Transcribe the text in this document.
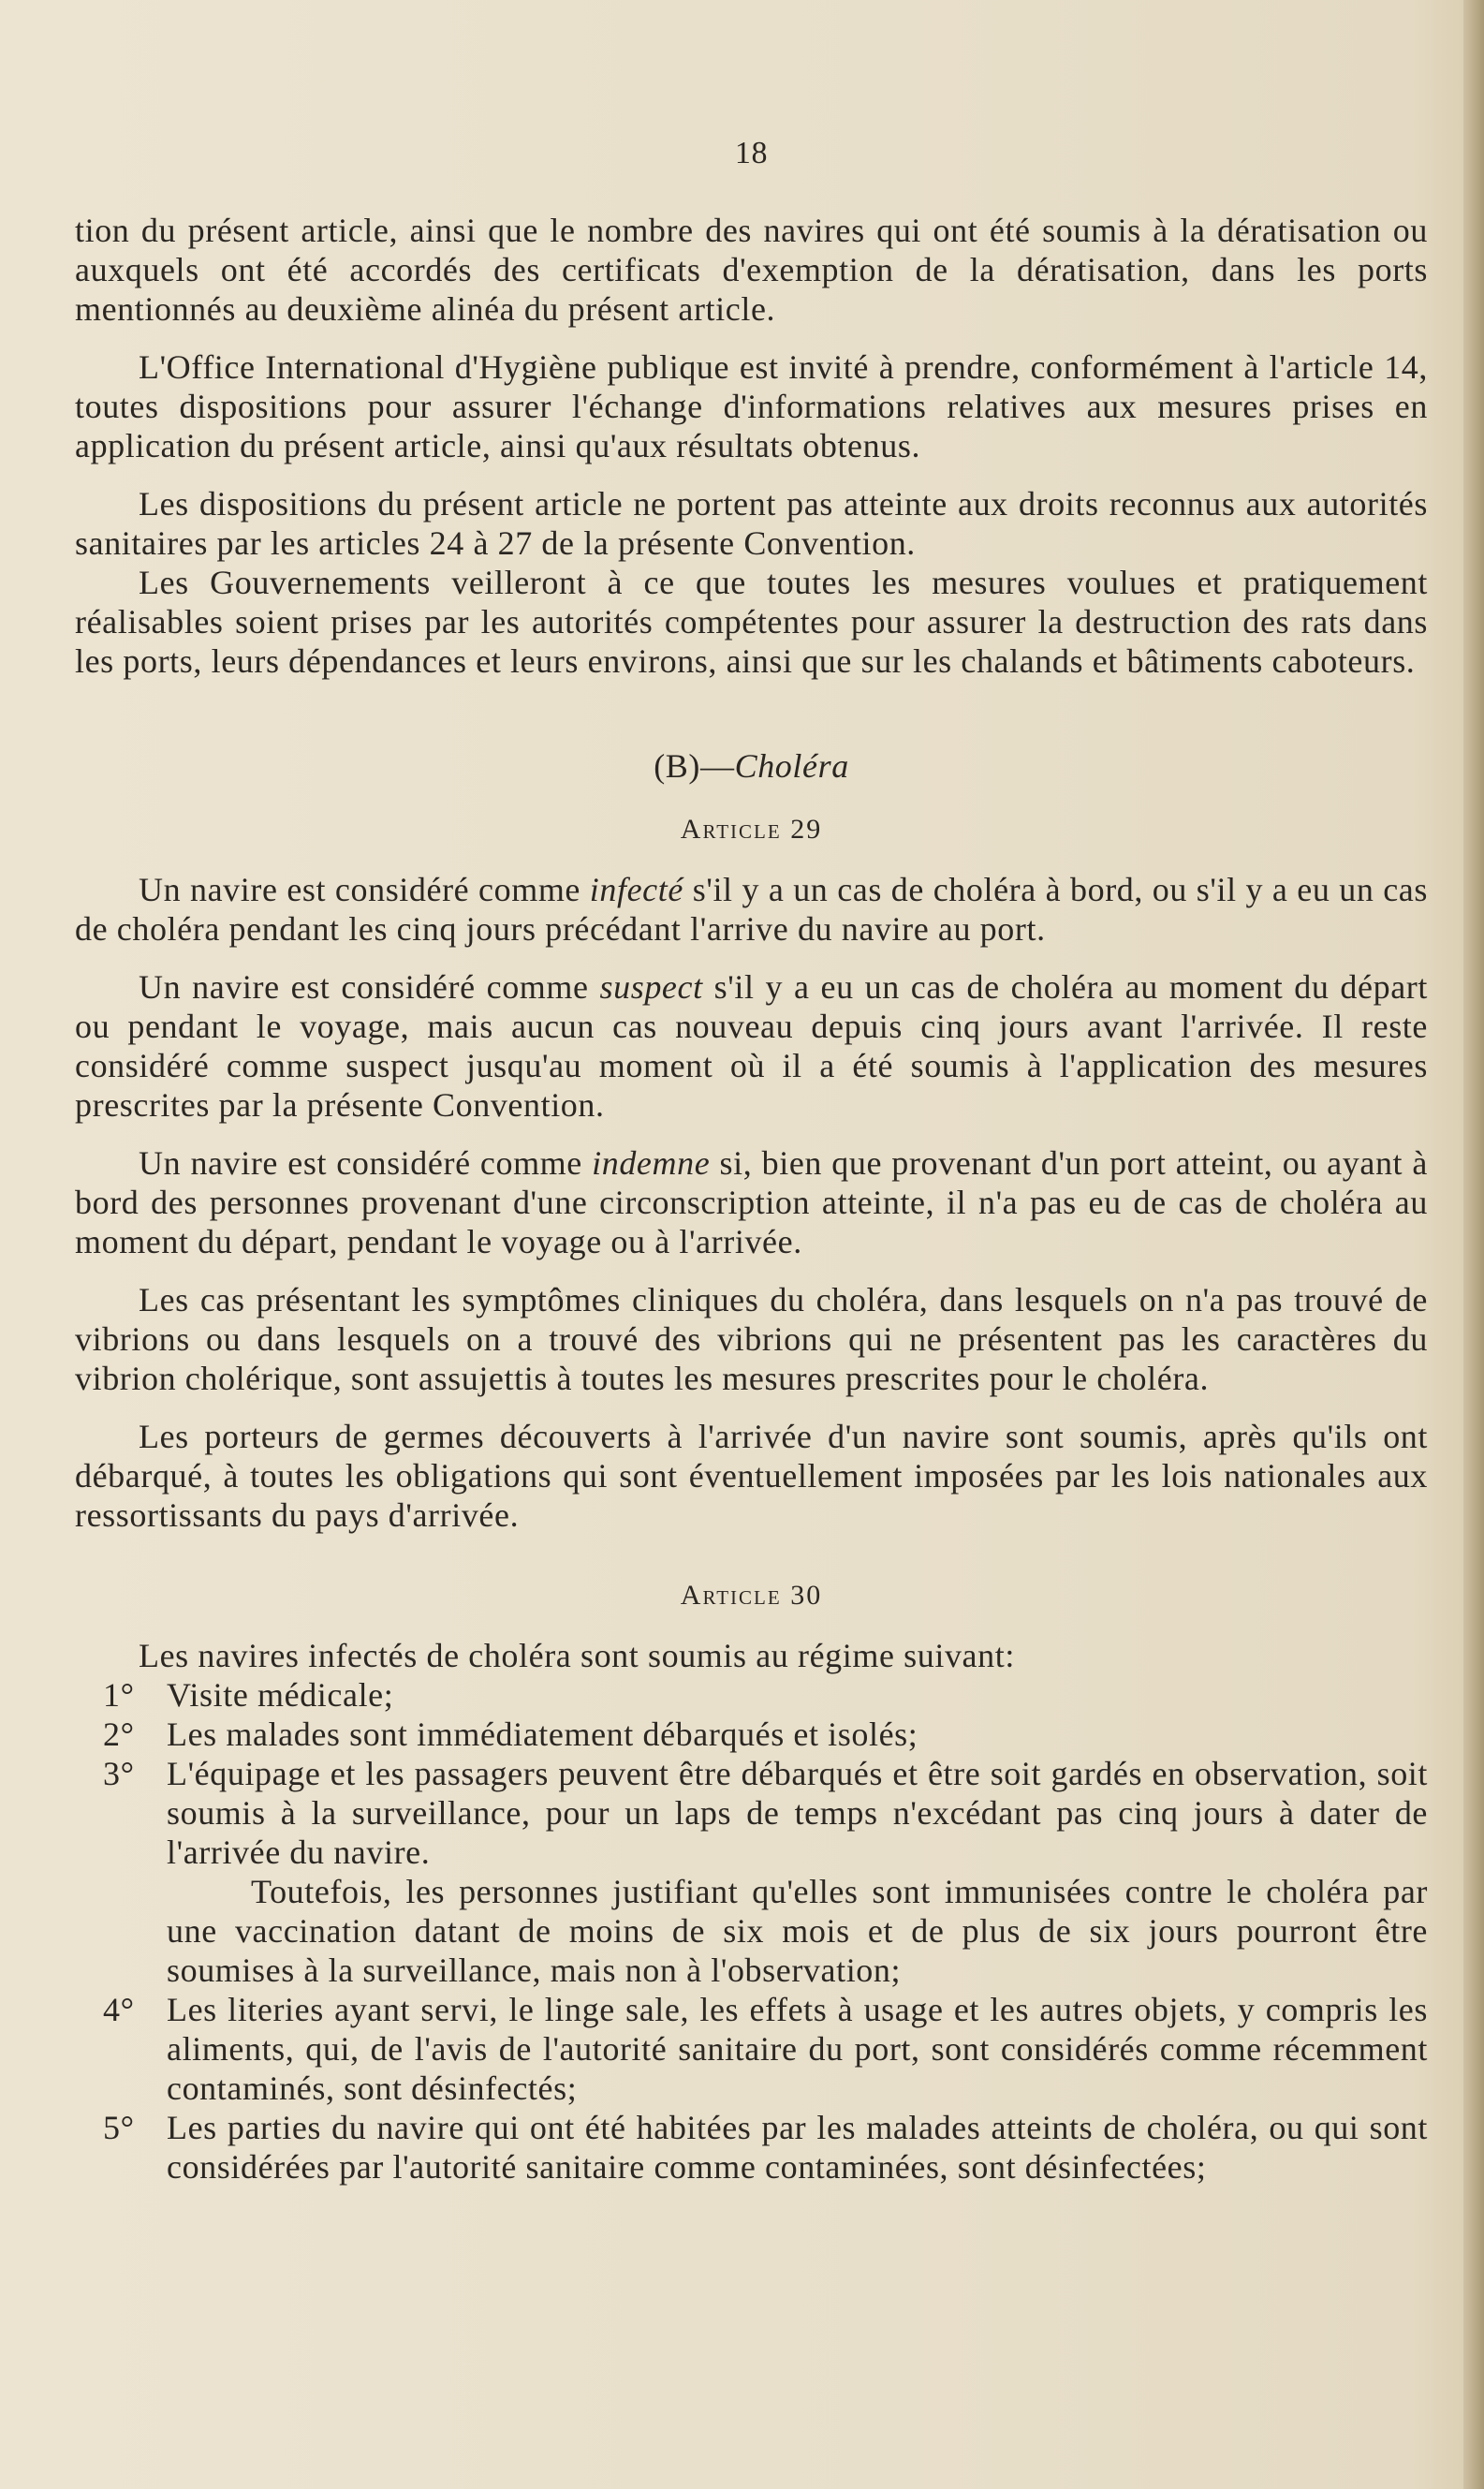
18

tion du présent article, ainsi que le nombre des navires qui ont été soumis à la dératisation ou auxquels ont été accordés des certificats d'exemption de la dératisation, dans les ports mentionnés au deuxième alinéa du présent article.

L'Office International d'Hygiène publique est invité à prendre, conformément à l'article 14, toutes dispositions pour assurer l'échange d'informations relatives aux mesures prises en application du présent article, ainsi qu'aux résultats obtenus.

Les dispositions du présent article ne portent pas atteinte aux droits reconnus aux autorités sanitaires par les articles 24 à 27 de la présente Convention.

Les Gouvernements veilleront à ce que toutes les mesures voulues et pratiquement réalisables soient prises par les autorités compétentes pour assurer la destruction des rats dans les ports, leurs dépendances et leurs environs, ainsi que sur les chalands et bâtiments caboteurs.

(B)—Choléra
Article 29

Un navire est considéré comme infecté s'il y a un cas de choléra à bord, ou s'il y a eu un cas de choléra pendant les cinq jours précédant l'arrive du navire au port.

Un navire est considéré comme suspect s'il y a eu un cas de choléra au moment du départ ou pendant le voyage, mais aucun cas nouveau depuis cinq jours avant l'arrivée. Il reste considéré comme suspect jusqu'au moment où il a été soumis à l'application des mesures prescrites par la présente Convention.

Un navire est considéré comme indemne si, bien que provenant d'un port atteint, ou ayant à bord des personnes provenant d'une circonscription atteinte, il n'a pas eu de cas de choléra au moment du départ, pendant le voyage ou à l'arrivée.

Les cas présentant les symptômes cliniques du choléra, dans lesquels on n'a pas trouvé de vibrions ou dans lesquels on a trouvé des vibrions qui ne présentent pas les caractères du vibrion cholérique, sont assujettis à toutes les mesures prescrites pour le choléra.

Les porteurs de germes découverts à l'arrivée d'un navire sont soumis, après qu'ils ont débarqué, à toutes les obligations qui sont éventuellement imposées par les lois nationales aux ressortissants du pays d'arrivée.

Article 30

Les navires infectés de choléra sont soumis au régime suivant:

1° Visite médicale;
2° Les malades sont immédiatement débarqués et isolés;
3° L'équipage et les passagers peuvent être débarqués et être soit gardés en observation, soit soumis à la surveillance, pour un laps de temps n'excédant pas cinq jours à dater de l'arrivée du navire.
Toutefois, les personnes justifiant qu'elles sont immunisées contre le choléra par une vaccination datant de moins de six mois et de plus de six jours pourront être soumises à la surveillance, mais non à l'observation;
4° Les literies ayant servi, le linge sale, les effets à usage et les autres objets, y compris les aliments, qui, de l'avis de l'autorité sanitaire du port, sont considérés comme récemment contaminés, sont désinfectés;
5° Les parties du navire qui ont été habitées par les malades atteints de choléra, ou qui sont considérées par l'autorité sanitaire comme contaminées, sont désinfectées;
